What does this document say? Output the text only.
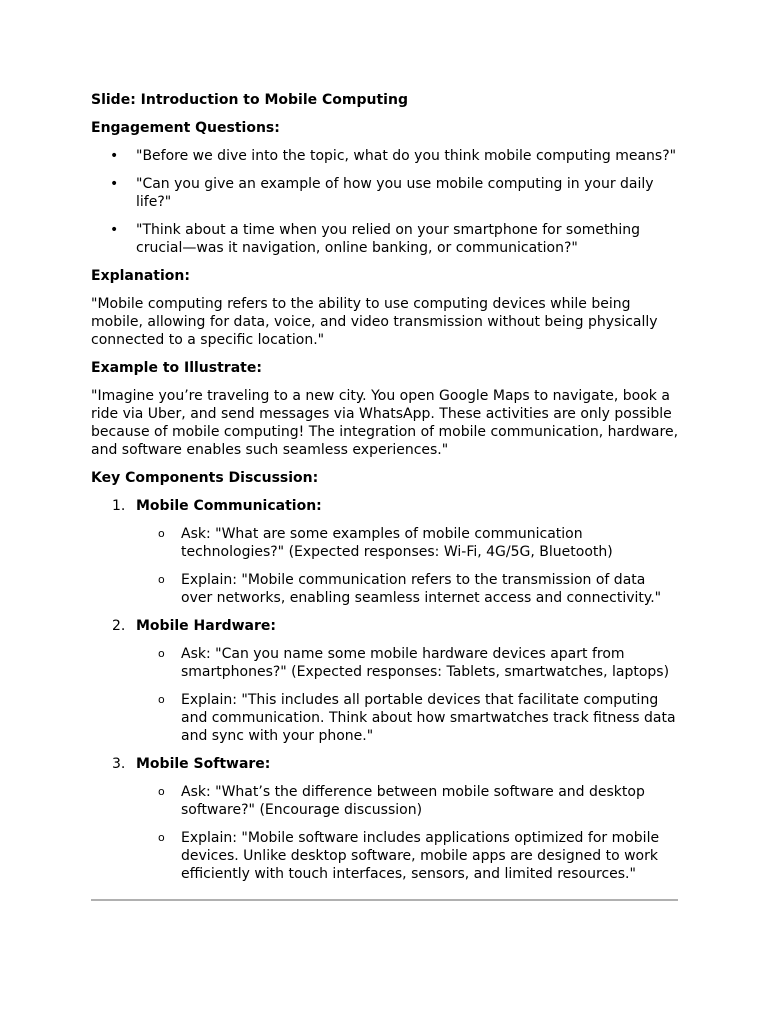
Slide: Introduction to Mobile Computing

Engagement Questions:

• "Before we dive into the topic, what do you think mobile computing means?"
• "Can you give an example of how you use mobile computing in your daily life?"
• "Think about a time when you relied on your smartphone for something crucial—was it navigation, online banking, or communication?"

Explanation:

"Mobile computing refers to the ability to use computing devices while being mobile, allowing for data, voice, and video transmission without being physically connected to a specific location."

Example to Illustrate:

"Imagine you’re traveling to a new city. You open Google Maps to navigate, book a ride via Uber, and send messages via WhatsApp. These activities are only possible because of mobile computing! The integration of mobile communication, hardware, and software enables such seamless experiences."

Key Components Discussion:

1. Mobile Communication:
o Ask: "What are some examples of mobile communication technologies?" (Expected responses: Wi-Fi, 4G/5G, Bluetooth)
o Explain: "Mobile communication refers to the transmission of data over networks, enabling seamless internet access and connectivity."
2. Mobile Hardware:
o Ask: "Can you name some mobile hardware devices apart from smartphones?" (Expected responses: Tablets, smartwatches, laptops)
o Explain: "This includes all portable devices that facilitate computing and communication. Think about how smartwatches track fitness data and sync with your phone."
3. Mobile Software:
o Ask: "What’s the difference between mobile software and desktop software?" (Encourage discussion)
o Explain: "Mobile software includes applications optimized for mobile devices. Unlike desktop software, mobile apps are designed to work efficiently with touch interfaces, sensors, and limited resources."
